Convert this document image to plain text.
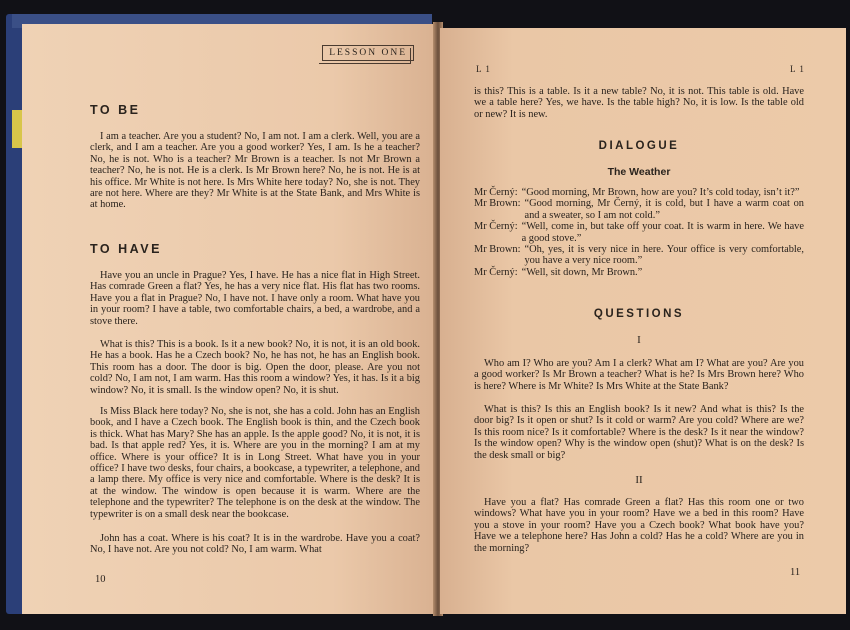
LESSON ONE
TO BE

I am a teacher. Are you a student? No, I am not. I am a clerk. Well, you are a clerk, and I am a teacher. Are you a good worker? Yes, I am. Is he a teacher? No, he is not. Who is a teacher? Mr Brown is a teacher. Is not Mr Brown a teacher? No, he is not. He is a clerk. Is Mr Brown here? No, he is not. He is at his office. Mr White is not here. Is Mrs White here today? No, she is not. They are not here. Where are they? Mr White is at the State Bank, and Mrs White is at home.

TO HAVE

Have you an uncle in Prague? Yes, I have. He has a nice flat in High Street. Has comrade Green a flat? Yes, he has a very nice flat. His flat has two rooms. Have you a flat in Prague? No, I have not. I have only a room. What have you in your room? I have a table, two comfortable chairs, a bed, a wardrobe, and a stove there.

What is this? This is a book. Is it a new book? No, it is not, it is an old book. He has a book. Has he a Czech book? No, he has not, he has an English book. This room has a door. The door is big. Open the door, please. Are you not cold? No, I am not, I am warm. Has this room a window? Yes, it has. Is it a big window? No, it is small. Is the window open? No, it is shut.

Is Miss Black here today? No, she is not, she has a cold. John has an English book, and I have a Czech book. The English book is thin, and the Czech book is thick. What has Mary? She has an apple. Is the apple good? No, it is not, it is bad. Is that apple red? Yes, it is. Where are you in the morning? I am at my office. Where is your office? It is in Long Street. What have you in your office? I have two desks, four chairs, a bookcase, a typewriter, a telephone, and a lamp there. My office is very nice and comfortable. Where is the desk? It is at the window. The window is open because it is warm. Where are the telephone and the typewriter? The telephone is on the desk at the window. The typewriter is on a small desk near the bookcase.

John has a coat. Where is his coat? It is in the wardrobe. Have you a coat? No, I have not. Are you not cold? No, I am warm. What

10
L 1	L 1

is this? This is a table. Is it a new table? No, it is not. This table is old. Have we a table here? Yes, we have. Is the table high? No, it is low. Is the table old or new? It is new.

DIALOGUE
The Weather
Mr Černý: “Good morning, Mr Brown, how are you? It’s cold today, isn’t it?”
Mr Brown: “Good morning, Mr Černý, it is cold, but I have a warm coat on and a sweater, so I am not cold.”
Mr Černý: “Well, come in, but take off your coat. It is warm in here. We have a good stove.”
Mr Brown: “Oh, yes, it is very nice in here. Your office is very comfortable, you have a very nice room.”
Mr Černý: “Well, sit down, Mr Brown.”
QUESTIONS
I

Who am I? Who are you? Am I a clerk? What am I? What are you? Are you a good worker? Is Mr Brown a teacher? What is he? Is Mrs Brown here? Who is here? Where is Mr White? Is Mrs White at the State Bank?

What is this? Is this an English book? Is it new? And what is this? Is the door big? Is it open or shut? Is it cold or warm? Are you cold? Where are we? Is this room nice? Is it comfortable? Where is the desk? Is it near the window? Is the window open? Why is the window open (shut)? What is on the desk? Is the desk small or big?

II

Have you a flat? Has comrade Green a flat? Has this room one or two windows? What have you in your room? Have we a bed in this room? Have you a stove in your room? Have you a Czech book? What book have you? Have we a telephone here? Has John a cold? Has he a cold? Where are you in the morning?

11
